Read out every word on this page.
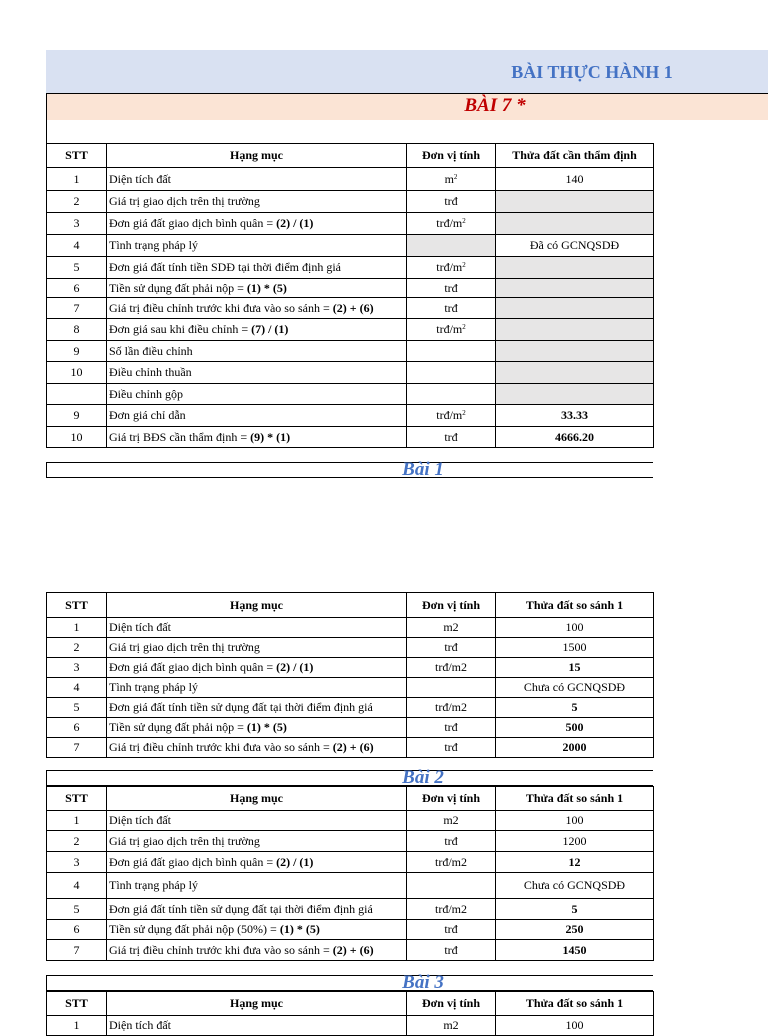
BÀI THỰC HÀNH 1
BÀI 7 *
STT	Hạng mục	Đơn vị tính	Thửa đất cần thẩm định
1	Diện tích đất	$m^2$	140
2	Giá trị giao dịch trên thị trường	trđ	
3	Đơn giá đất giao dịch bình quân = (2) / (1)	trđ/$m^2$	
4	Tình trạng pháp lý		Đã có GCNQSDĐ
5	Đơn giá đất tính tiền SDĐ tại thời điểm định giá	trđ/$m^2$	
6	Tiền sử dụng đất phải nộp = (1) * (5)	trđ	
7	Giá trị điều chỉnh trước khi đưa vào so sánh = (2) + (6)	trđ	
8	Đơn giá sau khi điều chỉnh = (7) / (1)	trđ/$m^2$	
9	Số lần điều chỉnh		
10	Điều chỉnh thuần		
	Điều chỉnh gộp		
9	Đơn giá chỉ dẫn	trđ/$m^2$	33.33
10	Giá trị BĐS cần thẩm định = (9) * (1)	trđ	4666.20
Bài 1
STT	Hạng mục	Đơn vị tính	Thửa đất so sánh 1
1	Diện tích đất	m2	100
2	Giá trị giao dịch trên thị trường	trđ	1500
3	Đơn giá đất giao dịch bình quân = (2) / (1)	trđ/m2	15
4	Tình trạng pháp lý		Chưa có GCNQSDĐ
5	Đơn giá đất tính tiền sử dụng đất tại thời điểm định giá	trđ/m2	5
6	Tiền sử dụng đất phải nộp = (1) * (5)	trđ	500
7	Giá trị điều chỉnh trước khi đưa vào so sánh = (2) + (6)	trđ	2000
Bài 2
STT	Hạng mục	Đơn vị tính	Thửa đất so sánh 1
1	Diện tích đất	m2	100
2	Giá trị giao dịch trên thị trường	trđ	1200
3	Đơn giá đất giao dịch bình quân = (2) / (1)	trđ/m2	12
4	Tình trạng pháp lý		Chưa có GCNQSDĐ
5	Đơn giá đất tính tiền sử dụng đất tại thời điểm định giá	trđ/m2	5
6	Tiền sử dụng đất phải nộp (50%) = (1) * (5)	trđ	250
7	Giá trị điều chỉnh trước khi đưa vào so sánh = (2) + (6)	trđ	1450
Bài 3
STT	Hạng mục	Đơn vị tính	Thửa đất so sánh 1
1	Diện tích đất	m2	100
